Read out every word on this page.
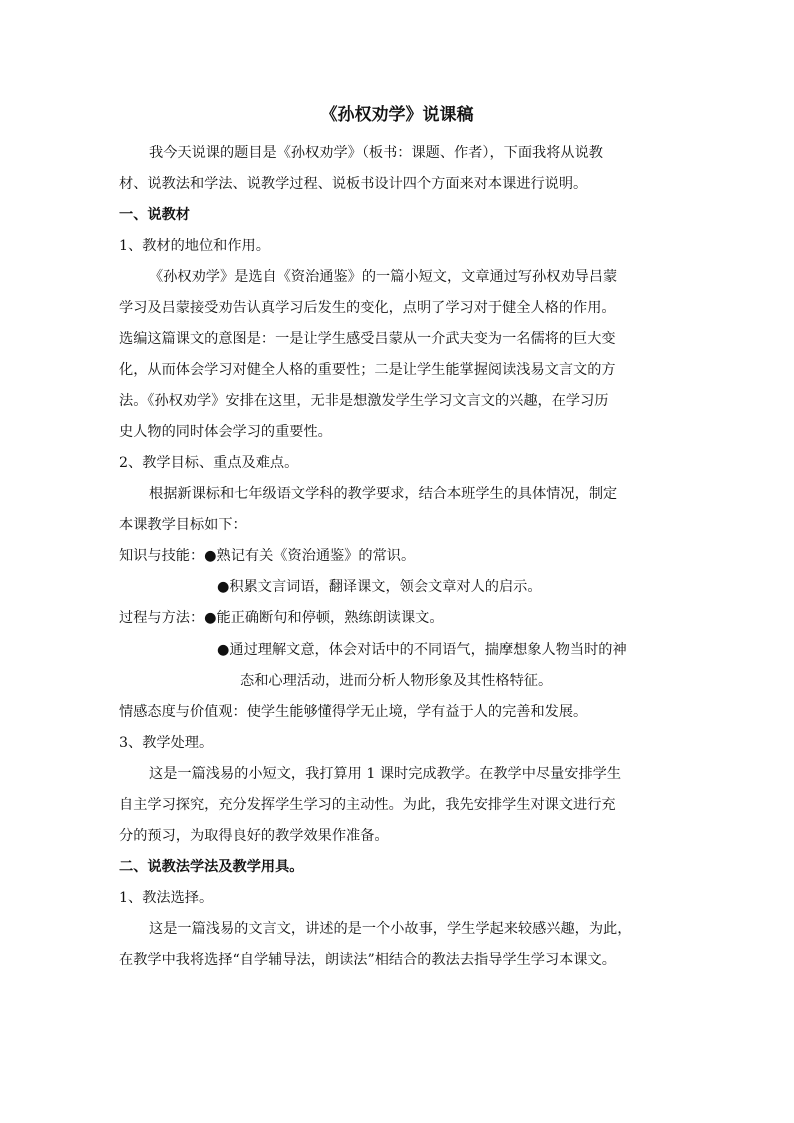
《孙权劝学》说课稿
我今天说课的题目是《孙权劝学》（板书：课题、作者），下面我将从说教
材、说教法和学法、说教学过程、说板书设计四个方面来对本课进行说明。
一、说教材
1、教材的地位和作用。
《孙权劝学》是选自《资治通鉴》的一篇小短文，文章通过写孙权劝导吕蒙
学习及吕蒙接受劝告认真学习后发生的变化，点明了学习对于健全人格的作用。
选编这篇课文的意图是：一是让学生感受吕蒙从一介武夫变为一名儒将的巨大变
化，从而体会学习对健全人格的重要性；二是让学生能掌握阅读浅易文言文的方
法。《孙权劝学》安排在这里，无非是想激发学生学习文言文的兴趣，在学习历
史人物的同时体会学习的重要性。
2、教学目标、重点及难点。
根据新课标和七年级语文学科的教学要求，结合本班学生的具体情况，制定
本课教学目标如下：
知识与技能：●熟记有关《资治通鉴》的常识。
●积累文言词语，翻译课文，领会文章对人的启示。
过程与方法：●能正确断句和停顿，熟练朗读课文。
●通过理解文意，体会对话中的不同语气，揣摩想象人物当时的神
态和心理活动，进而分析人物形象及其性格特征。
情感态度与价值观：使学生能够懂得学无止境，学有益于人的完善和发展。
3、教学处理。
这是一篇浅易的小短文，我打算用 1 课时完成教学。在教学中尽量安排学生
自主学习探究，充分发挥学生学习的主动性。为此，我先安排学生对课文进行充
分的预习，为取得良好的教学效果作准备。
二、说教法学法及教学用具。
1、教法选择。
这是一篇浅易的文言文，讲述的是一个小故事，学生学起来较感兴趣，为此，
在教学中我将选择“自学辅导法，朗读法”相结合的教法去指导学生学习本课文。
